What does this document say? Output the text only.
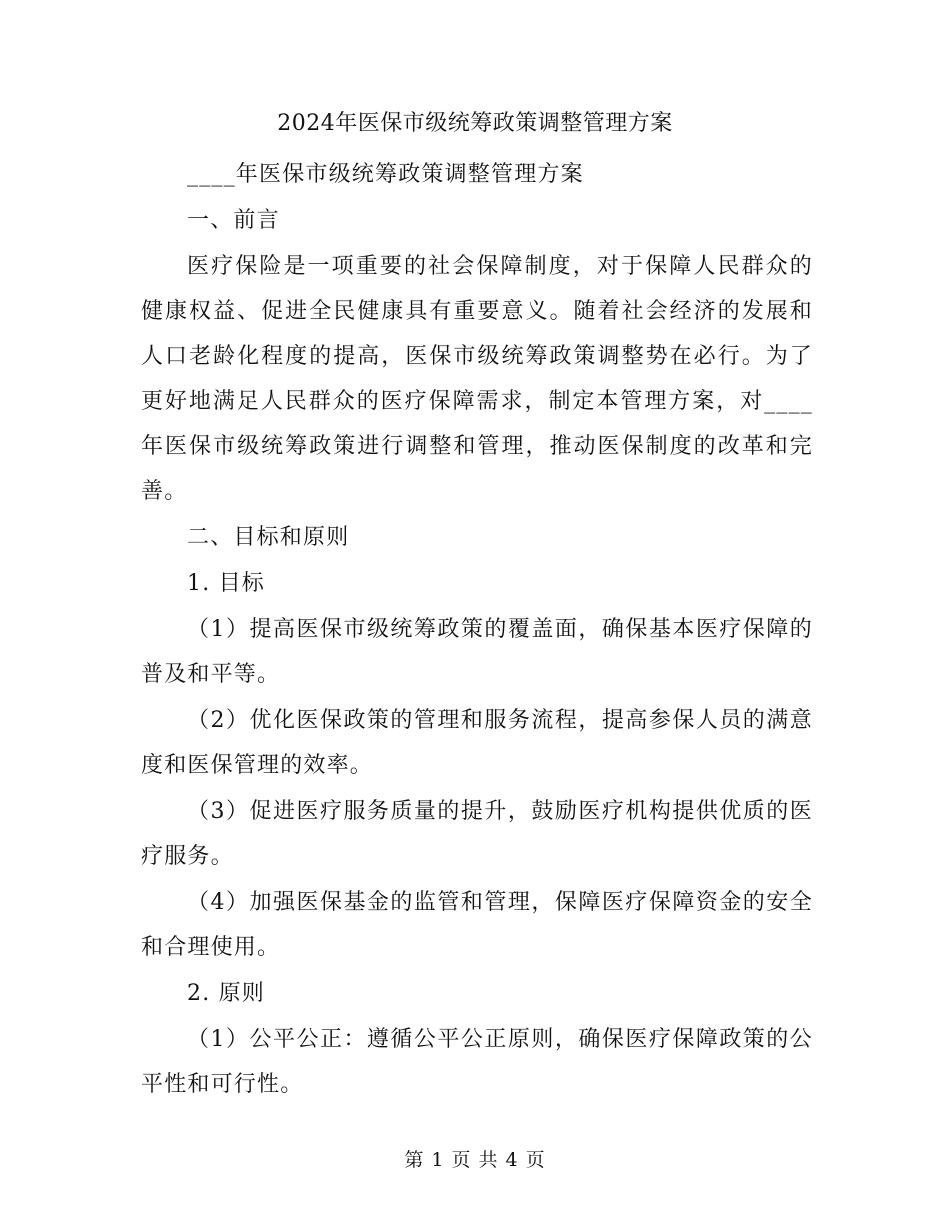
2024年医保市级统筹政策调整管理方案

____年医保市级统筹政策调整管理方案

一、前言

医疗保险是一项重要的社会保障制度，对于保障人民群众的健康权益、促进全民健康具有重要意义。随着社会经济的发展和人口老龄化程度的提高，医保市级统筹政策调整势在必行。为了更好地满足人民群众的医疗保障需求，制定本管理方案，对____年医保市级统筹政策进行调整和管理，推动医保制度的改革和完善。

二、目标和原则

1. 目标

（1）提高医保市级统筹政策的覆盖面，确保基本医疗保障的普及和平等。

（2）优化医保政策的管理和服务流程，提高参保人员的满意度和医保管理的效率。

（3）促进医疗服务质量的提升，鼓励医疗机构提供优质的医疗服务。

（4）加强医保基金的监管和管理，保障医疗保障资金的安全和合理使用。

2. 原则

（1）公平公正：遵循公平公正原则，确保医疗保障政策的公平性和可行性。

第 1 页 共 4 页
